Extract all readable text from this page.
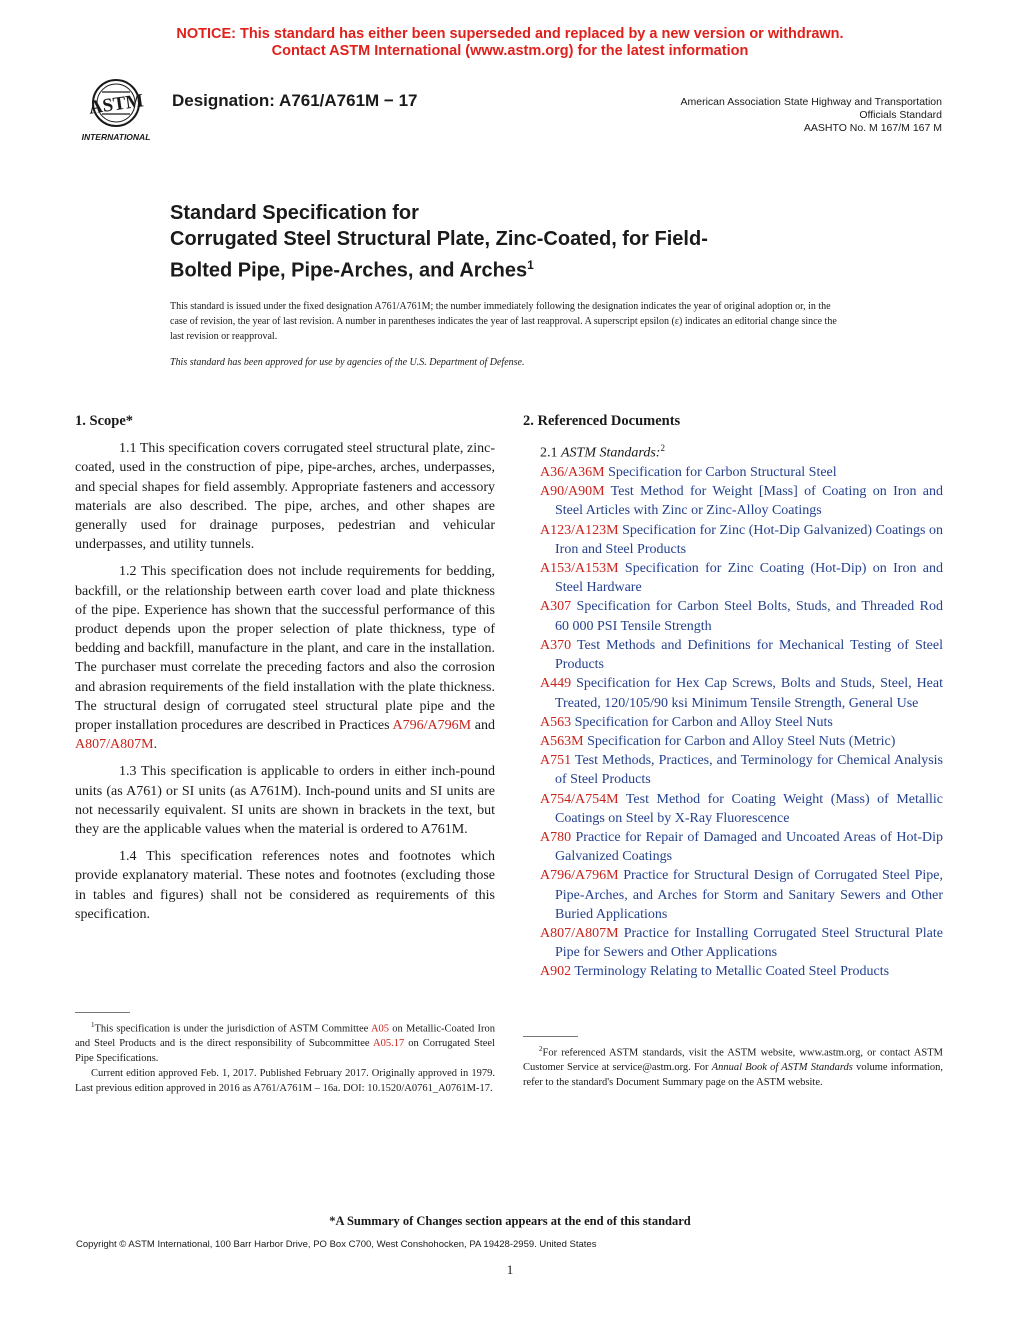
NOTICE: This standard has either been superseded and replaced by a new version or withdrawn.
Contact ASTM International (www.astm.org) for the latest information
ASTM
INTERNATIONAL
Designation: A761/A761M − 17	American Association State Highway and Transportation
Officials Standard
AASHTO No. M 167/M 167 M
Standard Specification for
Corrugated Steel Structural Plate, Zinc-Coated, for Field-
Bolted Pipe, Pipe-Arches, and Arches$^1$

This standard is issued under the fixed designation A761/A761M; the number immediately following the designation indicates the year of original adoption or, in the case of revision, the year of last revision. A number in parentheses indicates the year of last reapproval. A superscript epsilon (ε) indicates an editorial change since the last revision or reapproval.

This standard has been approved for use by agencies of the U.S. Department of Defense.

1. Scope*

1.1 This specification covers corrugated steel structural plate, zinc-coated, used in the construction of pipe, pipe-arches, arches, underpasses, and special shapes for field assembly. Appropriate fasteners and accessory materials are also described. The pipe, arches, and other shapes are generally used for drainage purposes, pedestrian and vehicular underpasses, and utility tunnels.

1.2 This specification does not include requirements for bedding, backfill, or the relationship between earth cover load and plate thickness of the pipe. Experience has shown that the successful performance of this product depends upon the proper selection of plate thickness, type of bedding and backfill, manufacture in the plant, and care in the installation. The purchaser must correlate the preceding factors and also the corrosion and abrasion requirements of the field installation with the plate thickness. The structural design of corrugated steel structural plate pipe and the proper installation procedures are described in Practices A796/A796M and A807/A807M.

1.3 This specification is applicable to orders in either inch-pound units (as A761) or SI units (as A761M). Inch-pound units and SI units are not necessarily equivalent. SI units are shown in brackets in the text, but they are the applicable values when the material is ordered to A761M.

1.4 This specification references notes and footnotes which provide explanatory material. These notes and footnotes (excluding those in tables and figures) shall not be considered as requirements of this specification.

$^1$This specification is under the jurisdiction of ASTM Committee A05 on Metallic-Coated Iron and Steel Products and is the direct responsibility of Subcommittee A05.17 on Corrugated Steel Pipe Specifications.

Current edition approved Feb. 1, 2017. Published February 2017. Originally approved in 1979. Last previous edition approved in 2016 as A761/A761M – 16a. DOI: 10.1520/A0761_A0761M-17.

2. Referenced Documents
2.1 ASTM Standards:$^2$
A36/A36M Specification for Carbon Structural Steel
A90/A90M Test Method for Weight [Mass] of Coating on Iron and Steel Articles with Zinc or Zinc-Alloy Coatings
A123/A123M Specification for Zinc (Hot-Dip Galvanized) Coatings on Iron and Steel Products
A153/A153M Specification for Zinc Coating (Hot-Dip) on Iron and Steel Hardware
A307 Specification for Carbon Steel Bolts, Studs, and Threaded Rod 60 000 PSI Tensile Strength
A370 Test Methods and Definitions for Mechanical Testing of Steel Products
A449 Specification for Hex Cap Screws, Bolts and Studs, Steel, Heat Treated, 120/105/90 ksi Minimum Tensile Strength, General Use
A563 Specification for Carbon and Alloy Steel Nuts
A563M Specification for Carbon and Alloy Steel Nuts (Metric)
A751 Test Methods, Practices, and Terminology for Chemical Analysis of Steel Products
A754/A754M Test Method for Coating Weight (Mass) of Metallic Coatings on Steel by X-Ray Fluorescence
A780 Practice for Repair of Damaged and Uncoated Areas of Hot-Dip Galvanized Coatings
A796/A796M Practice for Structural Design of Corrugated Steel Pipe, Pipe-Arches, and Arches for Storm and Sanitary Sewers and Other Buried Applications
A807/A807M Practice for Installing Corrugated Steel Structural Plate Pipe for Sewers and Other Applications
A902 Terminology Relating to Metallic Coated Steel Products

$^2$For referenced ASTM standards, visit the ASTM website, www.astm.org, or contact ASTM Customer Service at service@astm.org. For Annual Book of ASTM Standards volume information, refer to the standard's Document Summary page on the ASTM website.

*A Summary of Changes section appears at the end of this standard
Copyright © ASTM International, 100 Barr Harbor Drive, PO Box C700, West Conshohocken, PA 19428-2959. United States
1
